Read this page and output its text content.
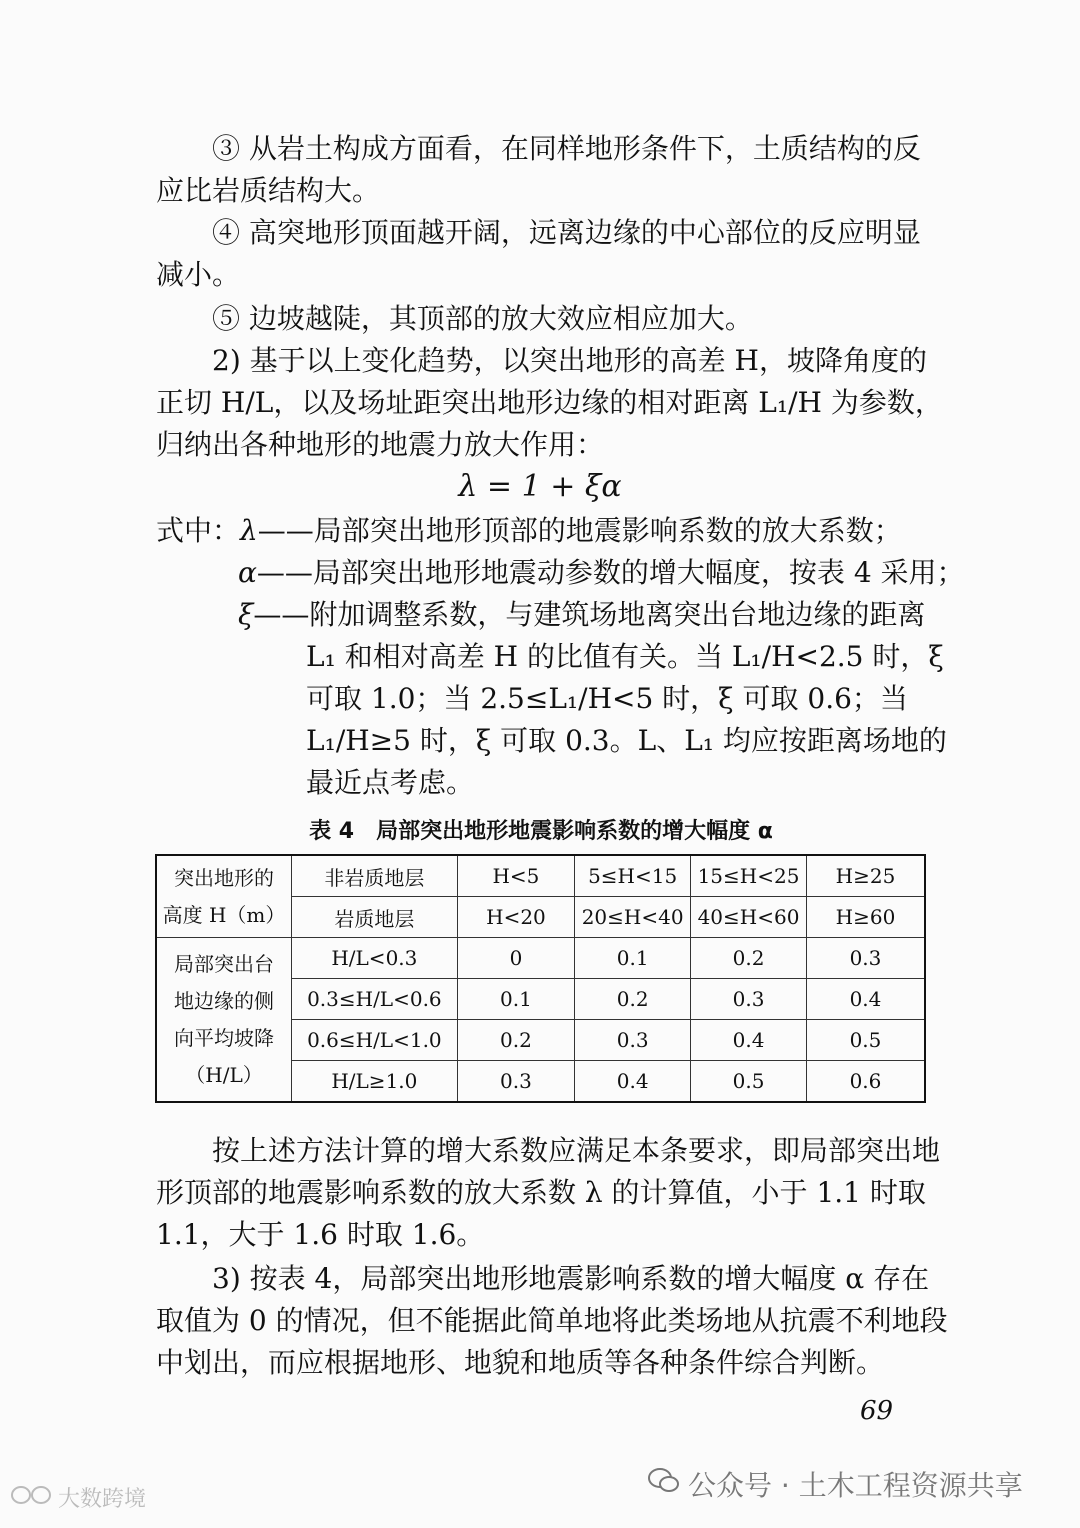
③ 从岩土构成方面看，在同样地形条件下，土质结构的反
应比岩质结构大。
④ 高突地形顶面越开阔，远离边缘的中心部位的反应明显
减小。
⑤ 边坡越陡，其顶部的放大效应相应加大。
2) 基于以上变化趋势，以突出地形的高差 H，坡降角度的
正切 H/L，以及场址距突出地形边缘的相对距离 L₁/H 为参数，
归纳出各种地形的地震力放大作用：
λ = 1 + ξα
式中：λ——局部突出地形顶部的地震影响系数的放大系数；
α——局部突出地形地震动参数的增大幅度，按表 4 采用；
ξ——附加调整系数，与建筑场地离突出台地边缘的距离
L₁ 和相对高差 H 的比值有关。当 L₁/H<2.5 时，ξ
可取 1.0；当 2.5≤L₁/H<5 时，ξ 可取 0.6；当
L₁/H≥5 时，ξ 可取 0.3。L、L₁ 均应按距离场地的
最近点考虑。
表 4　局部突出地形地震影响系数的增大幅度 α
突出地形的
高度 H（m）	非岩质地层	H<5	5≤H<15	15≤H<25	H≥25
	岩质地层	H<20	20≤H<40	40≤H<60	H≥60

局部突出台
地边缘的侧
向平均坡降
（H/L）	H/L<0.3	0	0.1	0.2	0.3
	0.3≤H/L<0.6	0.1	0.2	0.3	0.4
	0.6≤H/L<1.0	0.2	0.3	0.4	0.5
	H/L≥1.0	0.3	0.4	0.5	0.6
按上述方法计算的增大系数应满足本条要求，即局部突出地
形顶部的地震影响系数的放大系数 λ 的计算值，小于 1.1 时取
1.1，大于 1.6 时取 1.6。
3) 按表 4，局部突出地形地震影响系数的增大幅度 α 存在
取值为 0 的情况，但不能据此简单地将此类场地从抗震不利地段
中划出，而应根据地形、地貌和地质等各种条件综合判断。
69
大数跨境	公众号 · 土木工程资源共享
